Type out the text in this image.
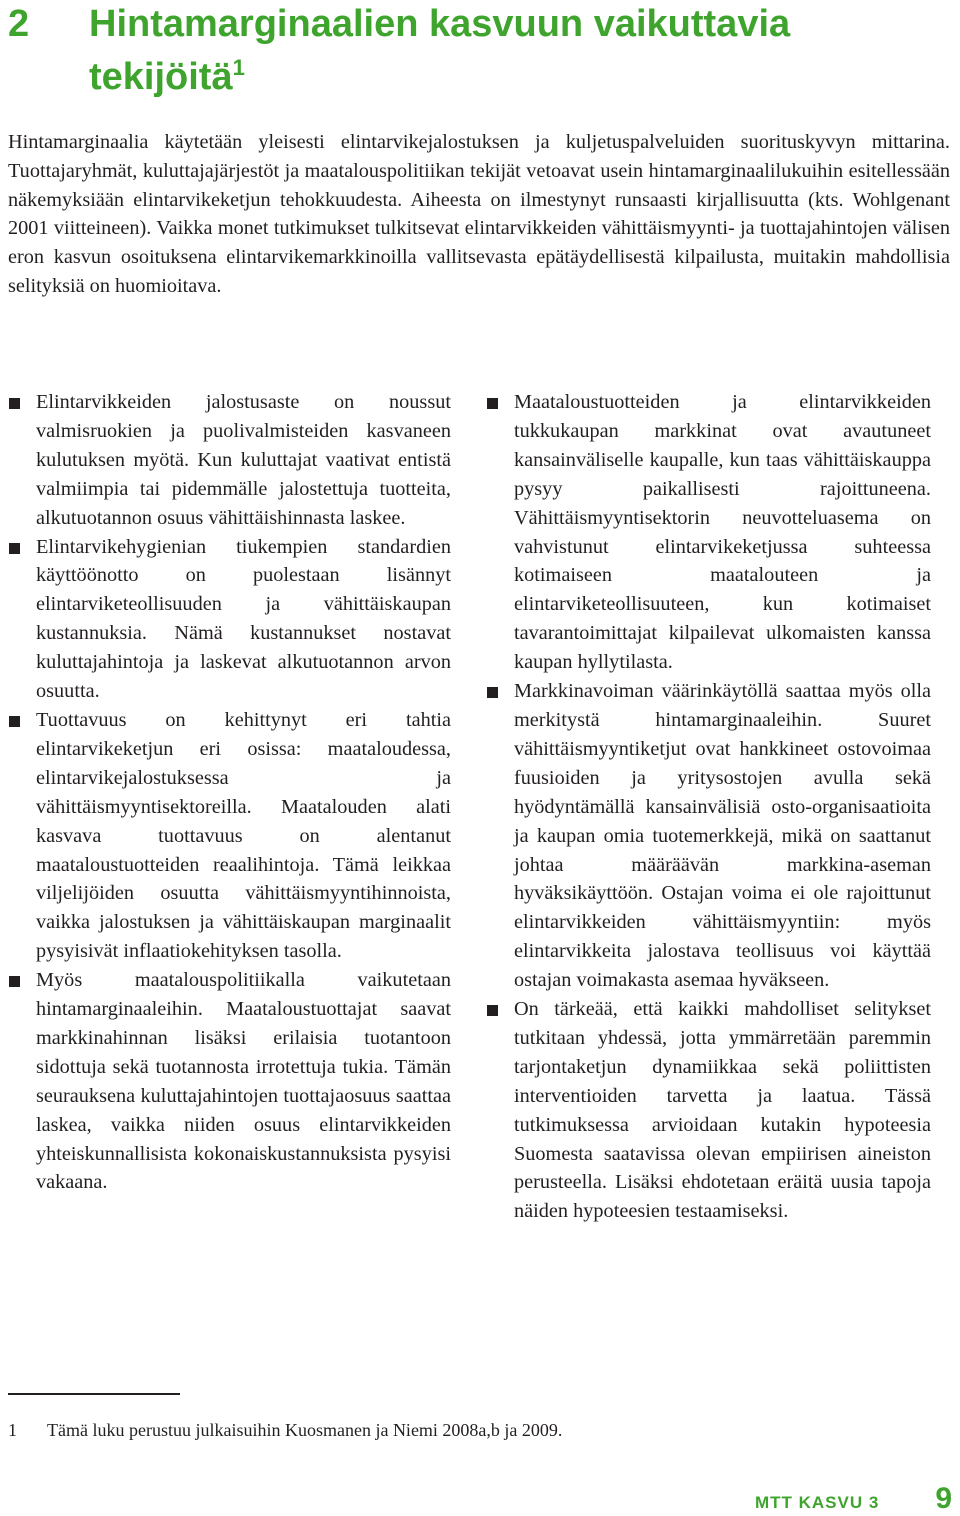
2	Hintamarginaalien kasvuun vaikuttavia tekijöitä$^1$

Hintamarginaalia käytetään yleisesti elintarvikejalostuksen ja kuljetuspalveluiden suorituskyvyn mittarina. Tuottajaryhmät, kuluttajajärjestöt ja maatalouspolitiikan tekijät vetoavat usein hintamarginaalilukuihin esitellessään näkemyksiään elintarvikeketjun tehokkuudesta. Aiheesta on ilmestynyt runsaasti kirjallisuutta (kts. Wohlgenant 2001 viitteineen). Vaikka monet tutkimukset tulkitsevat elintarvikkeiden vähittäismyynti- ja tuottajahintojen välisen eron kasvun osoituksena elintarvikemarkkinoilla vallitsevasta epätäydellisestä kilpailusta, muitakin mahdollisia selityksiä on huomioitava.

Elintarvikkeiden jalostusaste on noussut valmisruokien ja puolivalmisteiden kasvaneen kulutuksen myötä. Kun kuluttajat vaativat entistä valmiimpia tai pidemmälle jalostettuja tuotteita, alkutuotannon osuus vähittäishinnasta laskee.
Elintarvikehygienian tiukempien standardien käyttöönotto on puolestaan lisännyt elintarviketeollisuuden ja vähittäiskaupan kustannuksia. Nämä kustannukset nostavat kuluttajahintoja ja laskevat alkutuotannon arvon osuutta.
Tuottavuus on kehittynyt eri tahtia elintarvikeketjun eri osissa: maataloudessa, elintarvikejalostuksessa ja vähittäismyyntisektoreilla. Maatalouden alati kasvava tuottavuus on alentanut maataloustuotteiden reaalihintoja. Tämä leikkaa viljelijöiden osuutta vähittäismyyntihinnoista, vaikka jalostuksen ja vähittäiskaupan marginaalit pysyisivät inflaatiokehityksen tasolla.
Myös maatalouspolitiikalla vaikutetaan hintamarginaaleihin. Maataloustuottajat saavat markkinahinnan lisäksi erilaisia tuotantoon sidottuja sekä tuotannosta irrotettuja tukia. Tämän seurauksena kuluttajahintojen tuottajaosuus saattaa laskea, vaikka niiden osuus elintarvikkeiden yhteiskunnallisista kokonaiskustannuksista pysyisi vakaana.
Maataloustuotteiden ja elintarvikkeiden tukkukaupan markkinat ovat avautuneet kansainväliselle kaupalle, kun taas vähittäiskauppa pysyy paikallisesti rajoittuneena. Vähittäismyyntisektorin neuvotteluasema on vahvistunut elintarvikeketjussa suhteessa kotimaiseen maatalouteen ja elintarviketeollisuuteen, kun kotimaiset tavarantoimittajat kilpailevat ulkomaisten kanssa kaupan hyllytilasta.
Markkinavoiman väärinkäytöllä saattaa myös olla merkitystä hintamarginaaleihin. Suuret vähittäismyyntiketjut ovat hankkineet ostovoimaa fuusioiden ja yritysostojen avulla sekä hyödyntämällä kansainvälisiä osto-organisaatioita ja kaupan omia tuotemerkkejä, mikä on saattanut johtaa määräävän markkina-aseman hyväksikäyttöön. Ostajan voima ei ole rajoittunut elintarvikkeiden vähittäismyyntiin: myös elintarvikkeita jalostava teollisuus voi käyttää ostajan voimakasta asemaa hyväkseen.
On tärkeää, että kaikki mahdolliset selitykset tutkitaan yhdessä, jotta ymmärretään paremmin tarjontaketjun dynamiikkaa sekä poliittisten interventioiden tarvetta ja laatua. Tässä tutkimuksessa arvioidaan kutakin hypoteesia Suomesta saatavissa olevan empiirisen aineiston perusteella. Lisäksi ehdotetaan eräitä uusia tapoja näiden hypoteesien testaamiseksi.
1 Tämä luku perustuu julkaisuihin Kuosmanen ja Niemi 2008a,b ja 2009.
MTT KASVU 3 9
